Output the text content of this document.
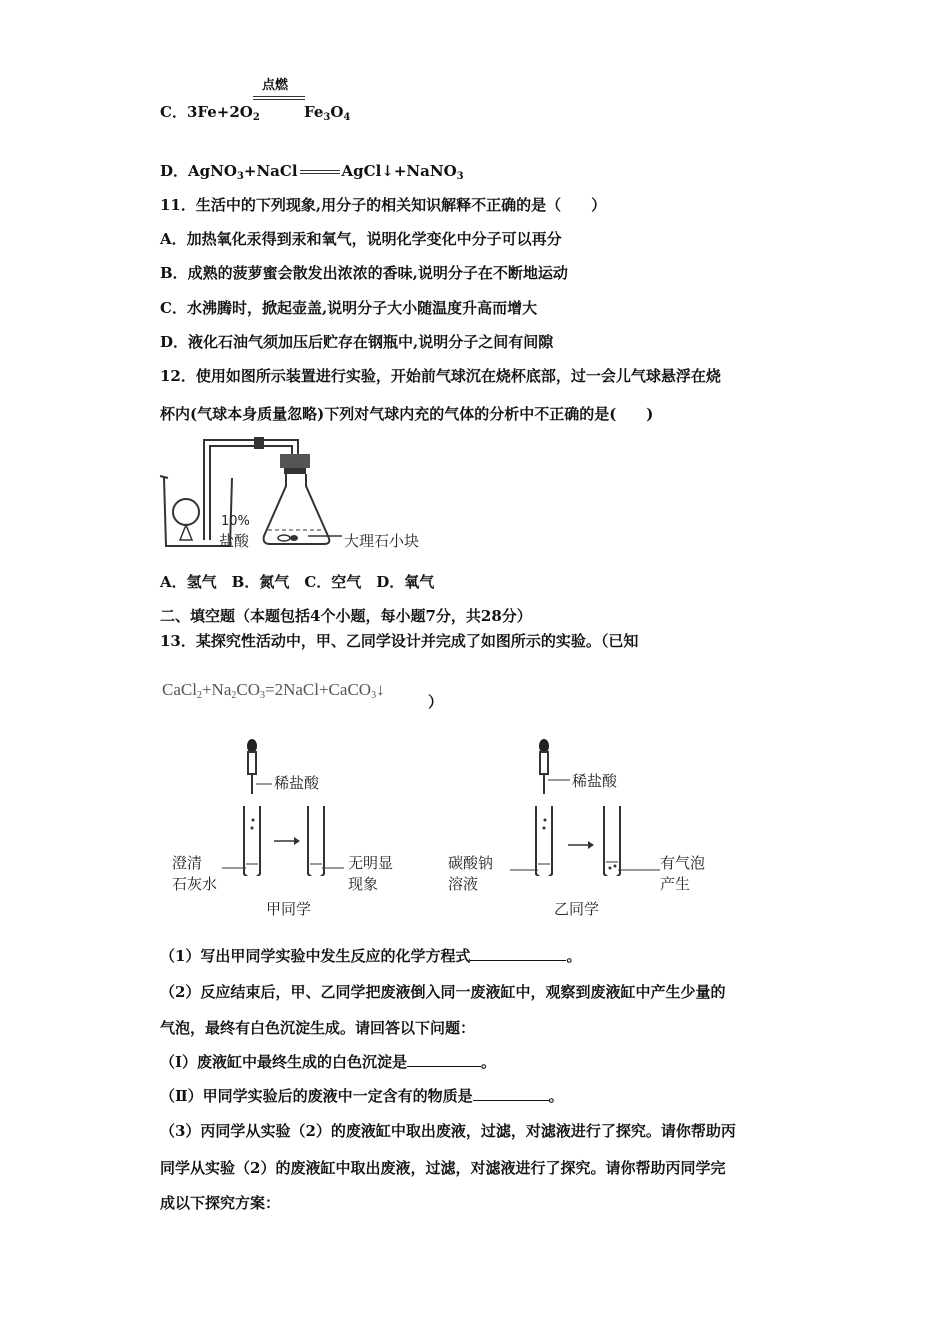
点燃
C．$3Fe+2O_2$	$Fe_3O_4$
D．AgNO$_3$+NaCl	AgCl↓+NaNO$_3$
11．生活中的下列现象,用分子的相关知识解释不正确的是（　　）
A．加热氧化汞得到汞和氧气，说明化学变化中分子可以再分
B．成熟的菠萝蜜会散发出浓浓的香味,说明分子在不断地运动
C．水沸腾时，掀起壶盖,说明分子大小随温度升高而增大
D．液化石油气须加压后贮存在钢瓶中,说明分子之间有间隙
12．使用如图所示装置进行实验，开始前气球沉在烧杯底部，过一会儿气球悬浮在烧
杯内(气球本身质量忽略)下列对气球内充的气体的分析中不正确的是(　　)
10%
盐酸	大理石小块
A．氢气　B．氮气　C．空气　D．氧气
二、填空题（本题包括4个小题，每小题7分，共28分）
13．某探究性活动中，甲、乙同学设计并完成了如图所示的实验。（已知
CaCl2+Na2CO3=2NaCl+CaCO3↓
）
稀盐酸	稀盐酸
澄清
石灰水
无明显
现象
甲同学
碳酸钠
溶液
有气泡
产生
乙同学
（1）写出甲同学实验中发生反应的化学方程式	。
（2）反应结束后，甲、乙同学把废液倒入同一废液缸中，观察到废液缸中产生少量的
气泡，最终有白色沉淀生成。请回答以下问题：
（Ⅰ）废液缸中最终生成的白色沉淀是	。
（Ⅱ）甲同学实验后的废液中一定含有的物质是	。
（3）丙同学从实验（2）的废液缸中取出废液，过滤，对滤液进行了探究。请你帮助丙
同学从实验（2）的废液缸中取出废液，过滤，对滤液进行了探究。请你帮助丙同学完
成以下探究方案：
